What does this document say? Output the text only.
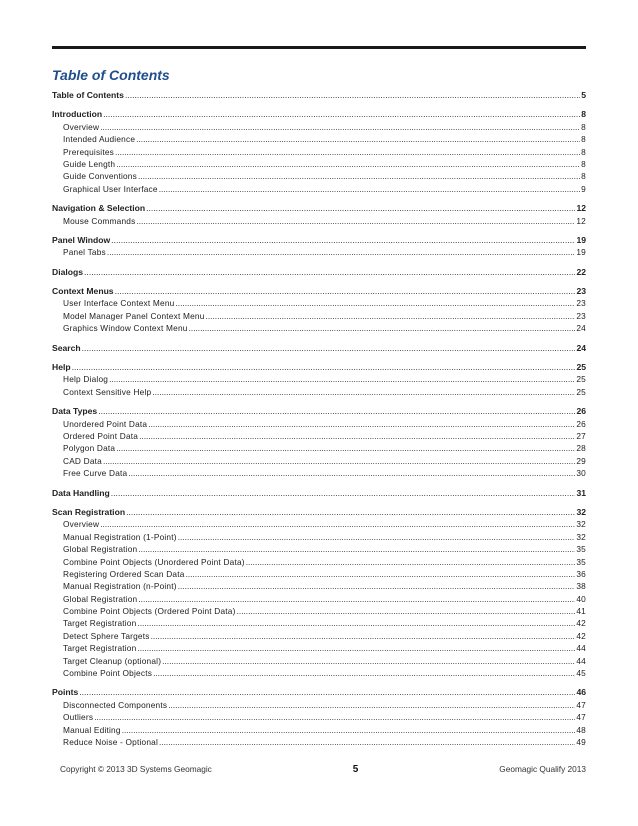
Table of Contents
Table of Contents .....	5
Introduction .....	8
Overview .....	8
Intended Audience .....	8
Prerequisites .....	8
Guide Length .....	8
Guide Conventions .....	8
Graphical User Interface .....	9
Navigation & Selection .....	12
Mouse Commands .....	12
Panel Window .....	19
Panel Tabs .....	19
Dialogs .....	22
Context Menus .....	23
User Interface Context Menu .....	23
Model Manager Panel Context Menu .....	23
Graphics Window Context Menu .....	24
Search .....	24
Help .....	25
Help Dialog .....	25
Context Sensitive Help .....	25
Data Types .....	26
Unordered Point Data .....	26
Ordered Point Data .....	27
Polygon Data .....	28
CAD Data .....	29
Free Curve Data .....	30
Data Handling .....	31
Scan Registration .....	32
Overview .....	32
Manual Registration (1-Point) .....	32
Global Registration .....	35
Combine Point Objects (Unordered Point Data) .....	35
Registering Ordered Scan Data .....	36
Manual Registration (n-Point) .....	38
Global Registration .....	40
Combine Point Objects (Ordered Point Data) .....	41
Target Registration .....	42
Detect Sphere Targets .....	42
Target Registration .....	44
Target Cleanup (optional) .....	44
Combine Point Objects .....	45
Points .....	46
Disconnected Components .....	47
Outliers .....	47
Manual Editing .....	48
Reduce Noise - Optional .....	49
Copyright © 2013 3D Systems Geomagic	5	Geomagic Qualify 2013
